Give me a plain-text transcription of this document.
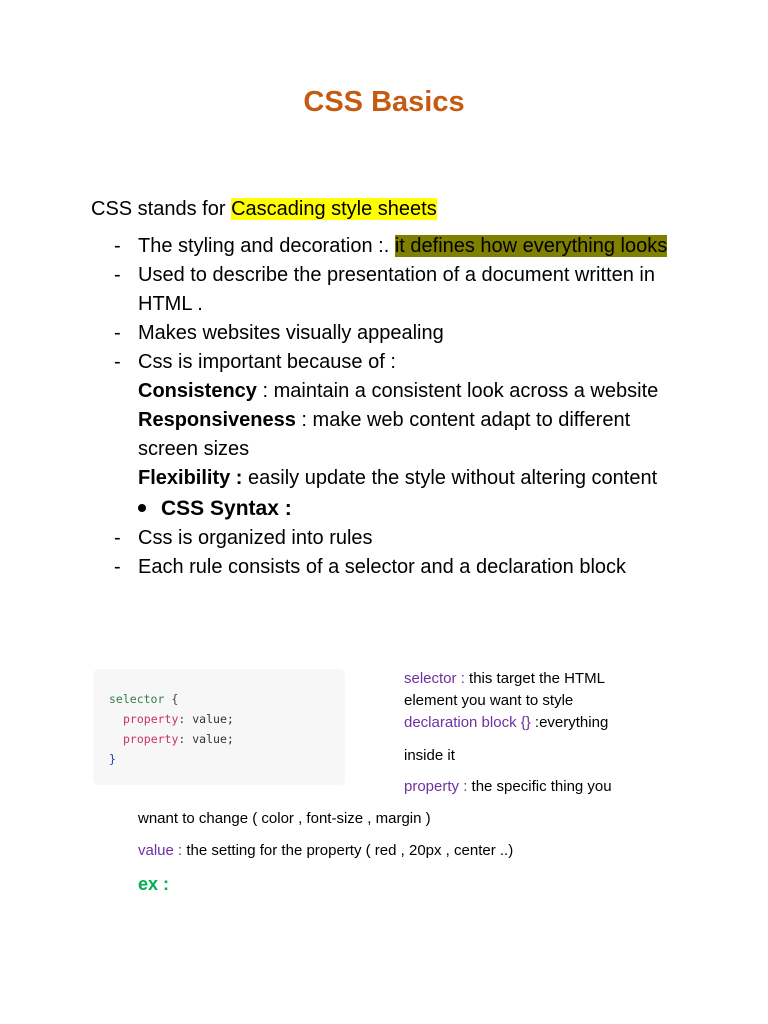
CSS Basics
CSS stands for Cascading style sheets
- The styling and decoration :. it defines how everything looks
- Used to describe the presentation of a document written in HTML .
- Makes websites visually appealing
- Css is important because of :
Consistency : maintain a consistent look across a website
Responsiveness : make web content adapt to different screen sizes
Flexibility : easily update the style without altering content
CSS Syntax :
- Css is organized into rules
- Each rule consists of a selector and a declaration block
selector {
property: value;
property: value;
}
selector : this target the HTML element you want to style
declaration block {} :everything
inside it
property : the specific thing you
wnant to change ( color , font-size , margin )
value : the setting for the property ( red , 20px , center ..)
ex :
